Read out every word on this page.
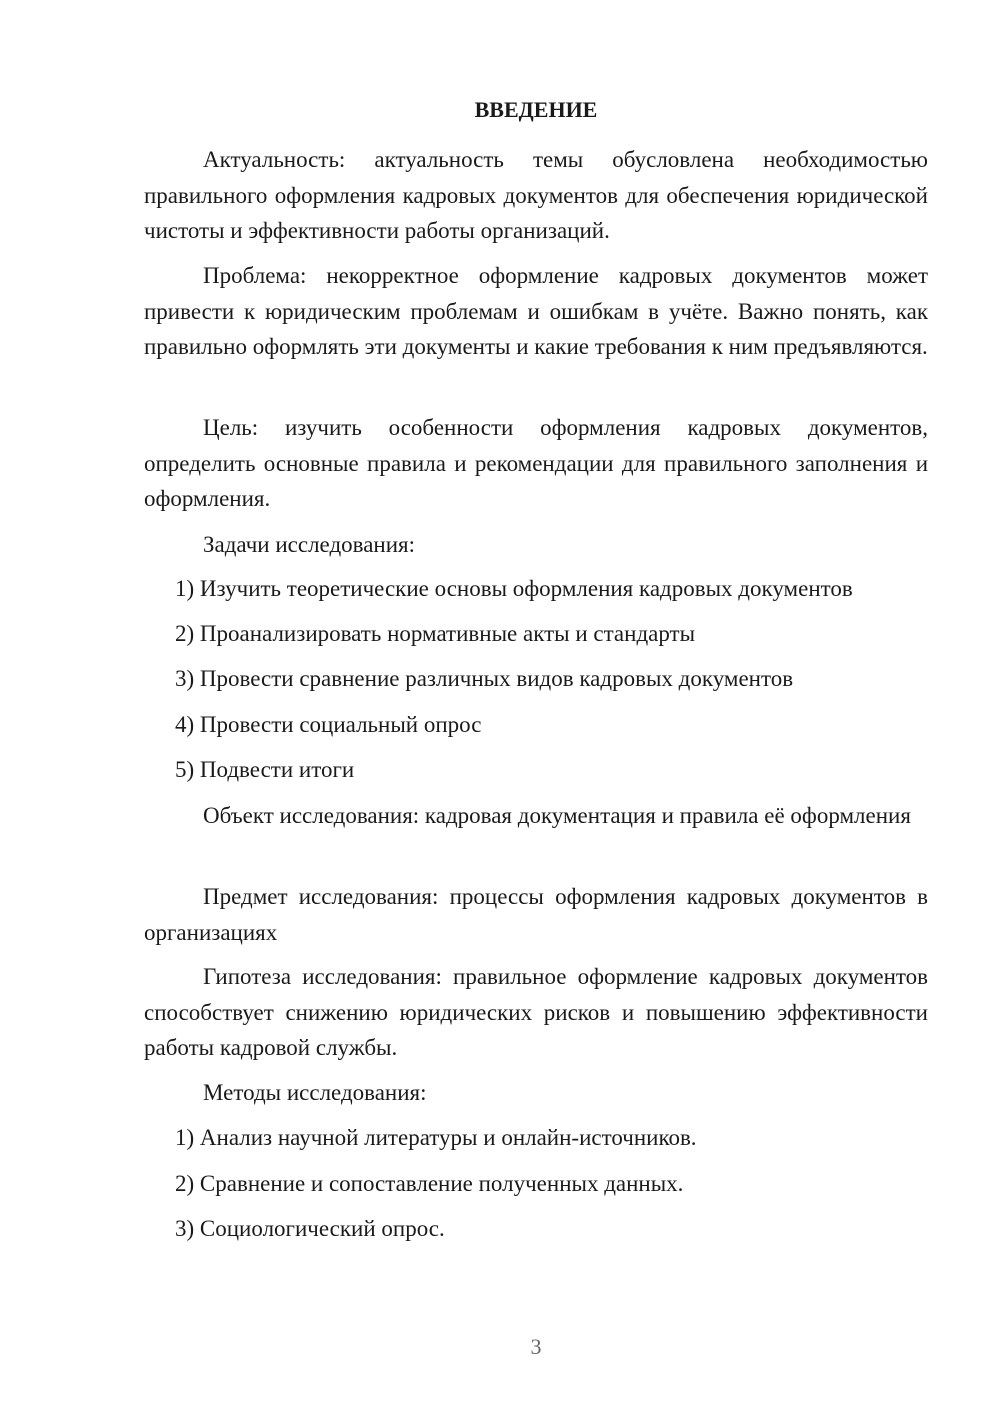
ВВЕДЕНИЕ

Актуальность: актуальность темы обусловлена необходимостью правильного оформления кадровых документов для обеспечения юридической чистоты и эффективности работы организаций.

Проблема: некорректное оформление кадровых документов может привести к юридическим проблемам и ошибкам в учёте. Важно понять, как правильно оформлять эти документы и какие требования к ним предъявляются.

Цель: изучить особенности оформления кадровых документов, определить основные правила и рекомендации для правильного заполнения и оформления.

Задачи исследования:

1) Изучить теоретические основы оформления кадровых документов

2) Проанализировать нормативные акты и стандарты

3) Провести сравнение различных видов кадровых документов

4) Провести социальный опрос

5) Подвести итоги

Объект исследования: кадровая документация и правила её оформления

Предмет исследования: процессы оформления кадровых документов в организациях

Гипотеза исследования: правильное оформление кадровых документов способствует снижению юридических рисков и повышению эффективности работы кадровой службы.

Методы исследования:

1) Анализ научной литературы и онлайн-источников.

2) Сравнение и сопоставление полученных данных.

3) Социологический опрос.

3
